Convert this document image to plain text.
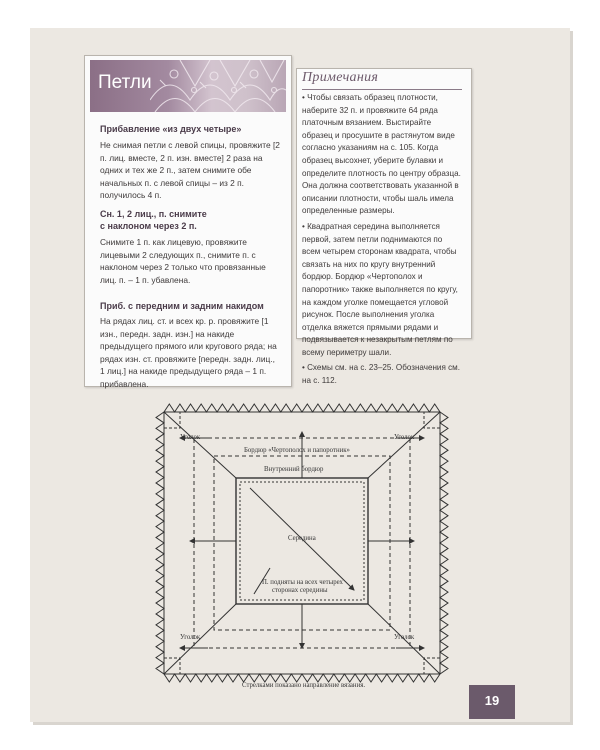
Петли
Прибавление «из двух четыре»
Не снимая петли с левой спицы, провяжите [2 п. лиц. вместе, 2 п. изн. вместе] 2 раза на одних и тех же 2 п., затем снимите обе начальных п. с левой спицы – из 2 п. получилось 4 п.
Сн. 1, 2 лиц., п. снимите
с наклоном через 2 п.
Снимите 1 п. как лицевую, провяжите лицевыми 2 следующих п., снимите п. с наклоном через 2 только что провязанные лиц. п. – 1 п. убавлена.
Приб. с передним и задним накидом
На рядах лиц. ст. и всех кр. р. провяжите [1 изн., передн. задн. изн.] на накиде предыдущего прямого или кругового ряда; на рядах изн. ст. провяжите [передн. задн. лиц., 1 лиц.] на накиде предыдущего ряда – 1 п. прибавлена.
Примечания
• Чтобы связать образец плотности, наберите 32 п. и провяжите 64 ряда платочным вязанием. Выстирайте образец и просушите в растянутом виде согласно указаниям на с. 105. Когда образец высохнет, уберите булавки и определите плотность по центру образца. Она должна соответствовать указанной в описании плотности, чтобы шаль имела определенные размеры.
• Квадратная середина выполняется первой, затем петли поднимаются по всем четырем сторонам квадрата, чтобы связать на них по кругу внутренний бордюр. Бордюр «Чертополох и папоротник» также выполняется по кругу, на каждом уголке помещается угловой рисунок. После выполнения уголка отделка вяжется прямыми рядами и подвязывается к незакрытым петлям по всему периметру шали.
• Схемы см. на с. 23–25. Обозначения см. на с. 112.
Уголок	Уголок
Уголок	Уголок
Бордюр «Чертополох и папоротник»
Внутренний бордюр
Середина
П. подняты на всех четырех
сторонах середины
Стрелками показано направление вязания.
19
